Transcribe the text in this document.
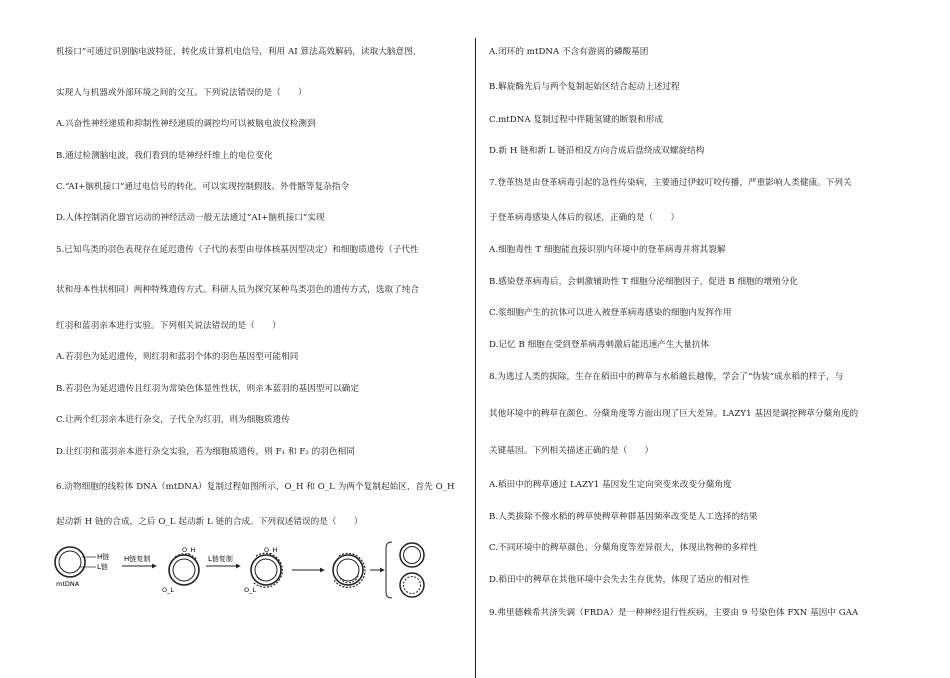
机接口”可通过识别脑电波特征，转化成计算机电信号，利用 AI 算法高效解码，读取大脑意图，
实现人与机器或外部环境之间的交互。下列说法错误的是（　　）
A.兴奋性神经递质和抑制性神经递质的调控均可以被脑电波仪检测到
B.通过检测脑电波，我们看到的是神经纤维上的电位变化
C.“AI+脑机接口”通过电信号的转化，可以实现控制假肢、外骨骼等复杂指令
D.人体控制消化器官运动的神经活动一般无法通过“AI+脑机接口”实现
5.已知鸟类的羽色表现存在延迟遗传（子代的表型由母体核基因型决定）和细胞质遗传（子代性
状和母本性状相同）两种特殊遗传方式。科研人员为探究某种鸟类羽色的遗传方式，选取了纯合
红羽和蓝羽亲本进行实验。下列相关说法错误的是（　　）
A.若羽色为延迟遗传，则红羽和蓝羽个体的羽色基因型可能相同
B.若羽色为延迟遗传且红羽为常染色体显性性状，则亲本蓝羽的基因型可以确定
C.让两个红羽亲本进行杂交，子代全为红羽，则为细胞质遗传
D.让红羽和蓝羽亲本进行杂交实验，若为细胞质遗传，则 F₁ 和 F₂ 的羽色相同
6.动物细胞的线粒体 DNA（mtDNA）复制过程如图所示，O_H 和 O_L 为两个复制起始区，首先 O_H
起动新 H 链的合成，之后 O_L 起动新 L 链的合成。下列叙述错误的是（　　）
A.闭环的 mtDNA 不含有游离的磷酸基团
B.解旋酶先后与两个复制起始区结合起动上述过程
C.mtDNA 复制过程中伴随氢键的断裂和形成
D.新 H 链和新 L 链沿相反方向合成后盘绕成双螺旋结构
7.登革热是由登革病毒引起的急性传染病，主要通过伊蚊叮咬传播，严重影响人类健康。下列关
于登革病毒感染人体后的叙述，正确的是（　　）
A.细胞毒性 T 细胞能直接识别内环境中的登革病毒并将其裂解
B.感染登革病毒后，会刺激辅助性 T 细胞分泌细胞因子，促进 B 细胞的增殖分化
C.浆细胞产生的抗体可以进入被登革病毒感染的细胞内发挥作用
D.记忆 B 细胞在受到登革病毒刺激后能迅速产生大量抗体
8.为逃过人类的拔除，生存在稻田中的稗草与水稻越长越像，学会了“伪装”成水稻的样子，与
其他环境中的稗草在颜色、分蘖角度等方面出现了巨大差异。LAZY1 基因是调控稗草分蘖角度的
关键基因。下列相关描述正确的是（　　）
A.稻田中的稗草通过 LAZY1 基因发生定向突变来改变分蘖角度
B.人类拔除不像水稻的稗草使稗草种群基因频率改变是人工选择的结果
C.不同环境中的稗草颜色、分蘖角度等差异很大，体现出物种的多样性
D.稻田中的稗草在其他环境中会失去生存优势，体现了适应的相对性
9.弗里德赖希共济失调（FRDA）是一种神经退行性疾病，主要由 9 号染色体 FXN 基因中 GAA
H链
L链
mtDNA
H链复制
O_H
O_L
L链复制
O_H
O_L
